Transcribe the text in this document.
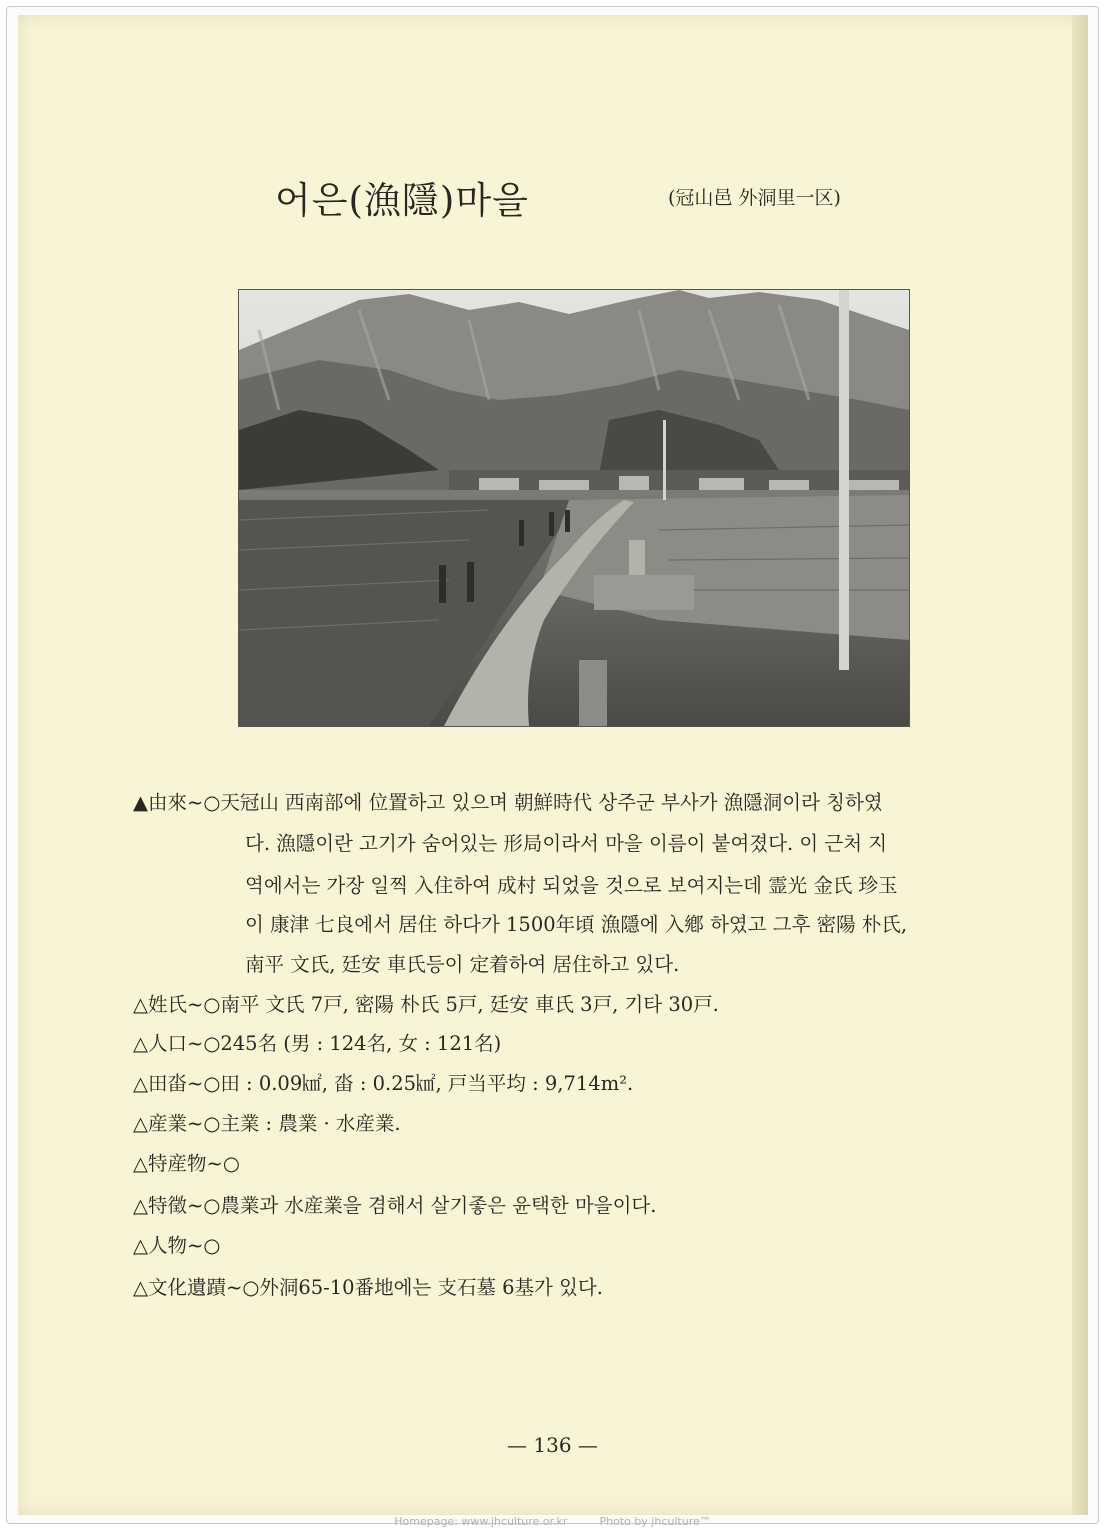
어은(漁隱)마을	(冠山邑 外洞里一区)
▲由來~○天冠山 西南部에 位置하고 있으며 朝鮮時代 상주군 부사가 漁隱洞이라 칭하였
다. 漁隱이란 고기가 숨어있는 形局이라서 마을 이름이 붙여졌다. 이 근처 지
역에서는 가장 일찍 入住하여 成村 되었을 것으로 보여지는데 霊光 金氏 珍玉
이 康津 七良에서 居住 하다가 1500年頃 漁隱에 入鄕 하였고 그후 密陽 朴氏,
南平 文氏, 廷安 車氏등이 定着하여 居住하고 있다.
△姓氏~○南平 文氏 7戸, 密陽 朴氏 5戸, 廷安 車氏 3戸, 기타 30戸.
△人口~○245名 (男 : 124名, 女 : 121名)
△田畓~○田 : 0.09㎢, 畓 : 0.25㎢, 戸当平均 : 9,714m².
△産業~○主業 : 農業 · 水産業.
△特産物~○
△特徵~○農業과 水産業을 겸해서 살기좋은 윤택한 마을이다.
△人物~○
△文化遺蹟~○外洞65-10番地에는 支石墓 6基가 있다.
— 136 —
Homepage: www.jhculture.or.kr	Photo by jhculture™
